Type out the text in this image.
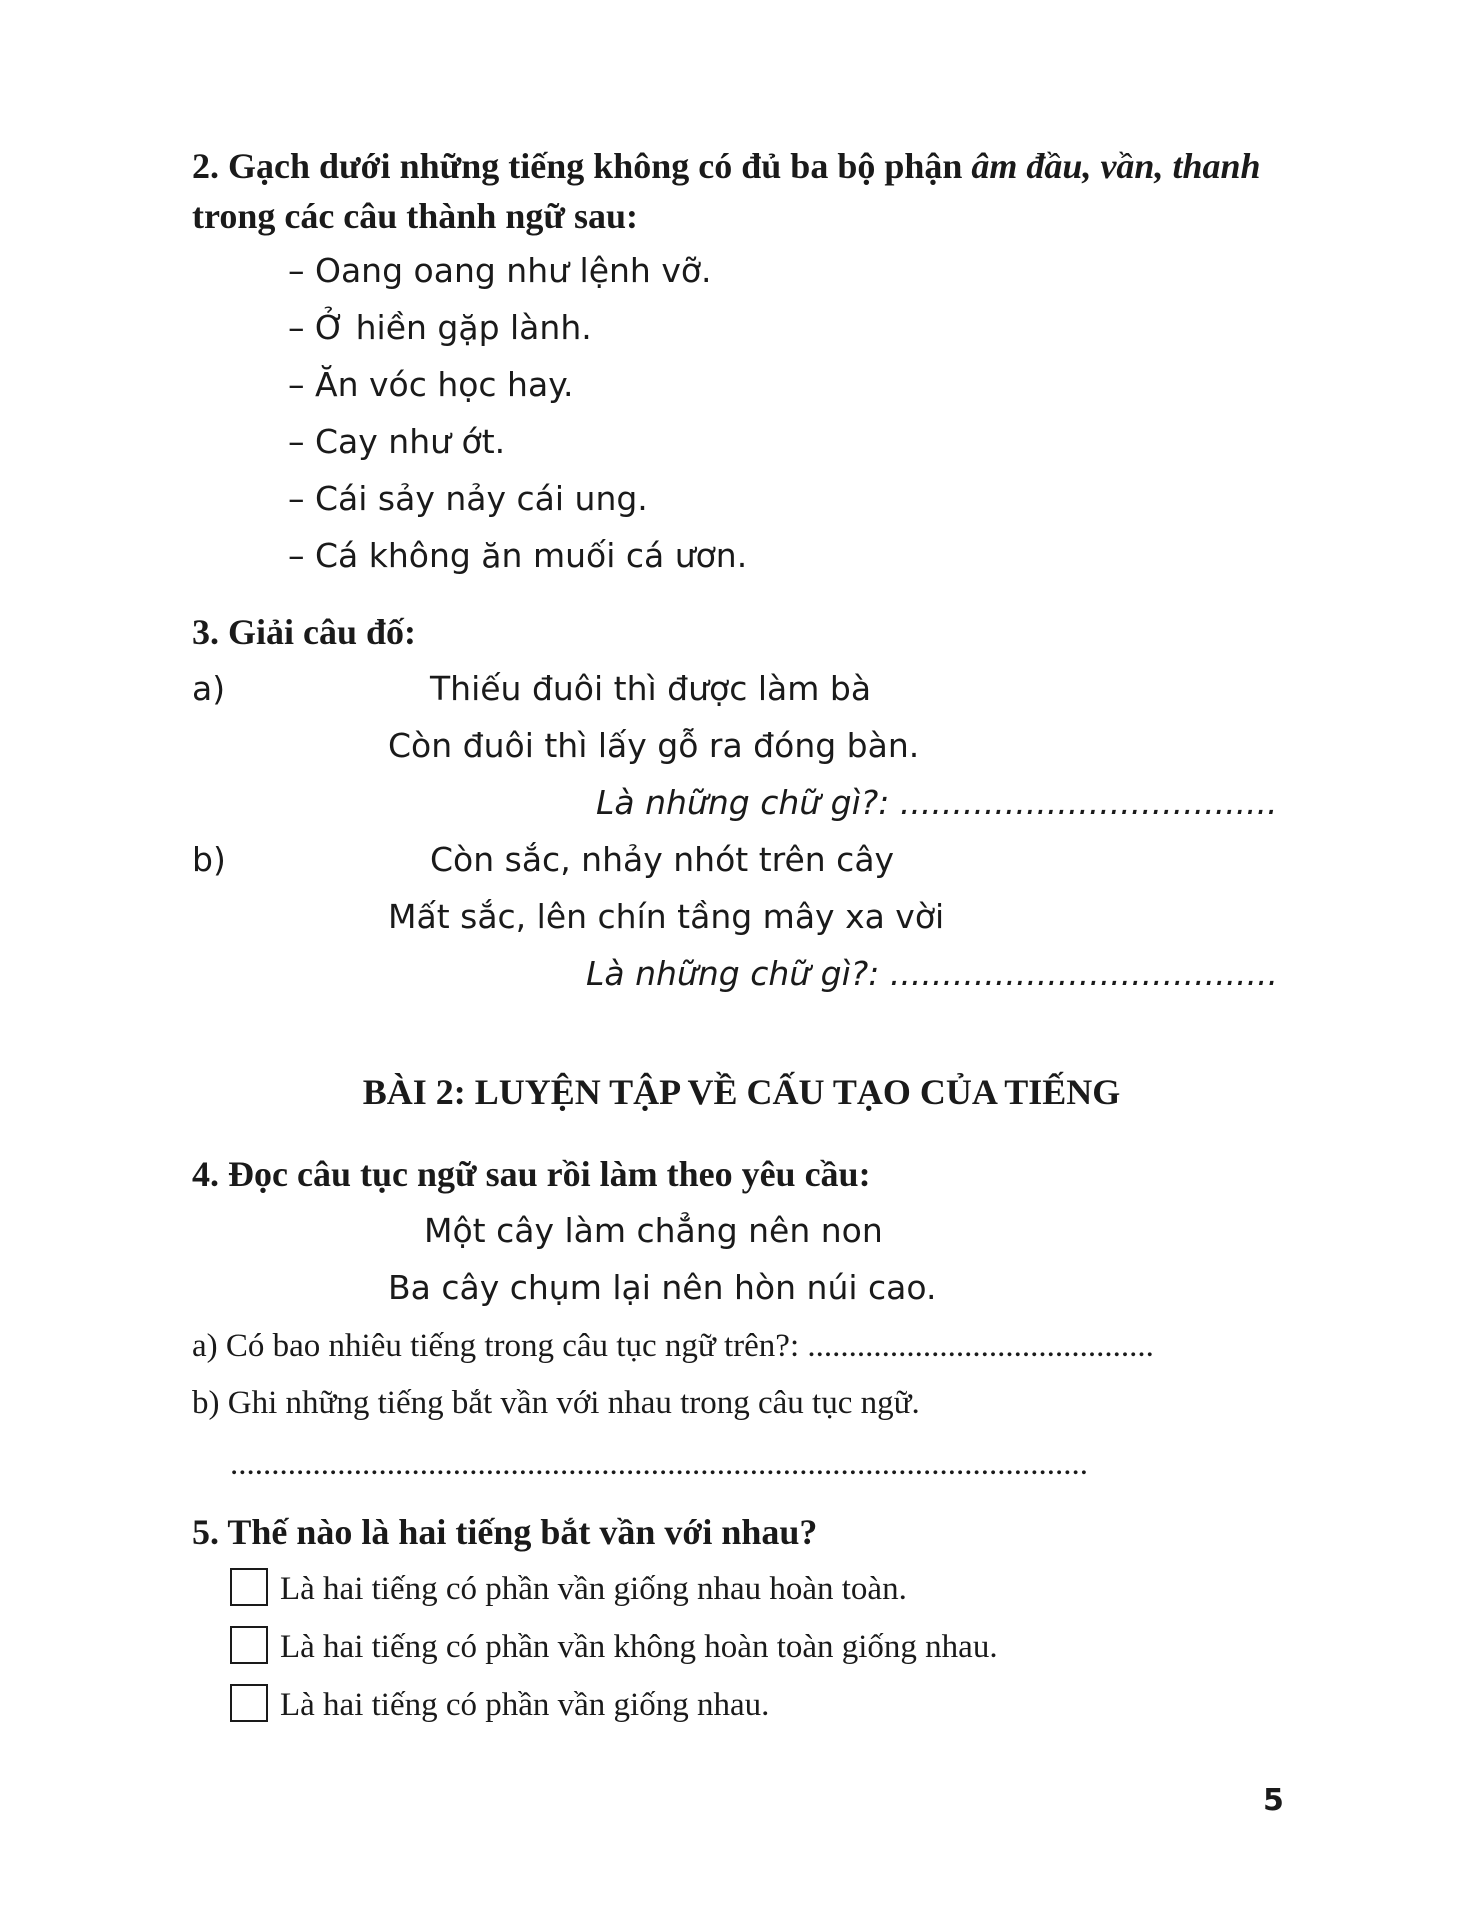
2. Gạch dưới những tiếng không có đủ ba bộ phận âm đầu, vần, thanh
trong các câu thành ngữ sau:
– Oang oang như lệnh vỡ.
– Ở hiền gặp lành.
– Ăn vóc học hay.
– Cay như ớt.
– Cái sảy nảy cái ung.
– Cá không ăn muối cá ươn.
3. Giải câu đố:
a)	Thiếu đuôi thì được làm bà
Còn đuôi thì lấy gỗ ra đóng bàn.
Là những chữ gì?: ....................................
b)	Còn sắc, nhảy nhót trên cây
Mất sắc, lên chín tầng mây xa vời
Là những chữ gì?: .....................................
BÀI 2: LUYỆN TẬP VỀ CẤU TẠO CỦA TIẾNG
4. Đọc câu tục ngữ sau rồi làm theo yêu cầu:
Một cây làm chẳng nên non
Ba cây chụm lại nên hòn núi cao.
a) Có bao nhiêu tiếng trong câu tục ngữ trên?: ..........................................
b) Ghi những tiếng bắt vần với nhau trong câu tục ngữ.
........................................................................................................
5. Thế nào là hai tiếng bắt vần với nhau?
Là hai tiếng có phần vần giống nhau hoàn toàn.
Là hai tiếng có phần vần không hoàn toàn giống nhau.
Là hai tiếng có phần vần giống nhau.
5
